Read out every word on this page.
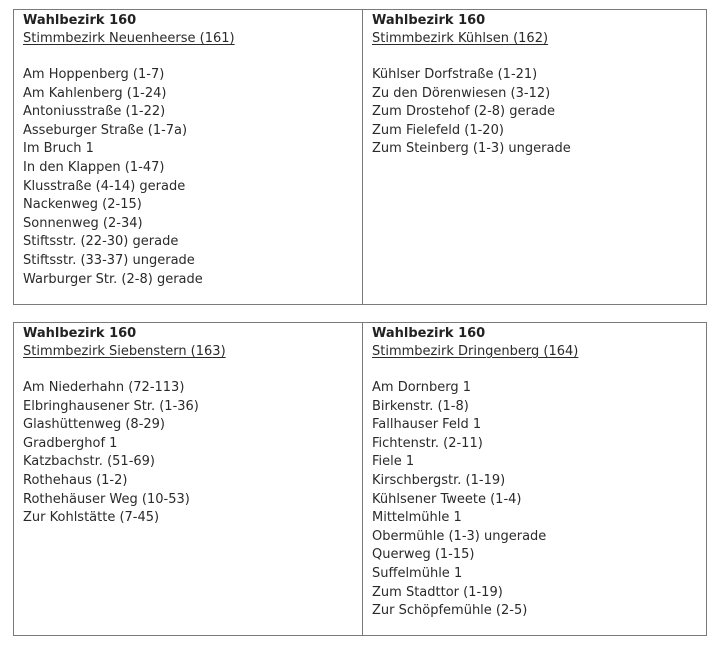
Wahlbezirk 160

Stimmbezirk Neuenheerse (161)

Am Hoppenberg (1-7)
Am Kahlenberg (1-24)
Antoniusstraße (1-22)
Asseburger Straße (1-7a)
Im Bruch 1
In den Klappen (1-47)
Klusstraße (4-14) gerade
Nackenweg (2-15)
Sonnenweg (2-34)
Stiftsstr. (22-30) gerade
Stiftsstr. (33-37) ungerade
Warburger Str. (2-8) gerade

Wahlbezirk 160

Stimmbezirk Kühlsen (162)

Kühlser Dorfstraße (1-21)
Zu den Dörenwiesen (3-12)
Zum Drostehof (2-8) gerade
Zum Fielefeld (1-20)
Zum Steinberg (1-3) ungerade

Wahlbezirk 160

Stimmbezirk Siebenstern (163)

Am Niederhahn (72-113)
Elbringhausener Str. (1-36)
Glashüttenweg (8-29)
Gradberghof 1
Katzbachstr. (51-69)
Rothehaus (1-2)
Rothehäuser Weg (10-53)
Zur Kohlstätte (7-45)

Wahlbezirk 160

Stimmbezirk Dringenberg (164)

Am Dornberg 1
Birkenstr. (1-8)
Fallhauser Feld 1
Fichtenstr. (2-11)
Fiele 1
Kirschbergstr. (1-19)
Kühlsener Tweete (1-4)
Mittelmühle 1
Obermühle (1-3) ungerade
Querweg (1-15)
Suffelmühle 1
Zum Stadttor (1-19)
Zur Schöpfemühle (2-5)
